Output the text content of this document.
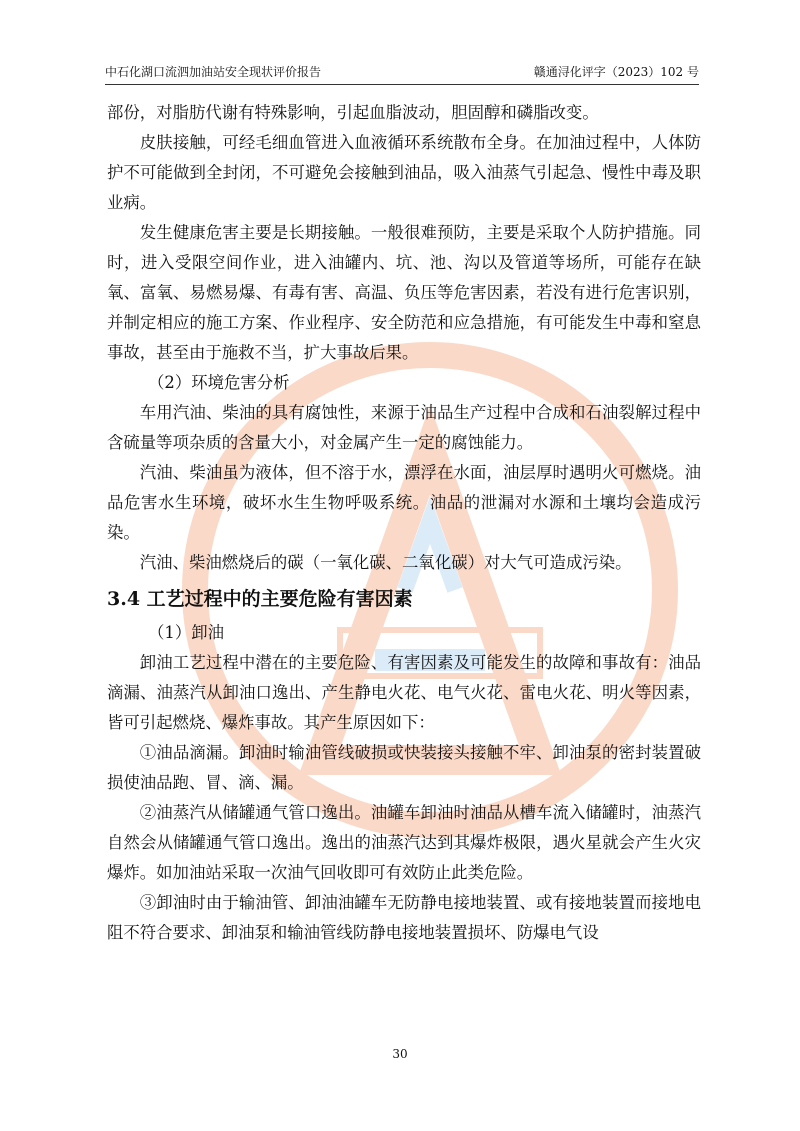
中石化湖口流泗加油站安全现状评价报告	赣通浔化评字（2023）102 号

部份，对脂肪代谢有特殊影响，引起血脂波动，胆固醇和磷脂改变。

皮肤接触，可经毛细血管进入血液循环系统散布全身。在加油过程中，人体防护不可能做到全封闭，不可避免会接触到油品，吸入油蒸气引起急、慢性中毒及职业病。

发生健康危害主要是长期接触。一般很难预防，主要是采取个人防护措施。同时，进入受限空间作业，进入油罐内、坑、池、沟以及管道等场所，可能存在缺氧、富氧、易燃易爆、有毒有害、高温、负压等危害因素，若没有进行危害识别，并制定相应的施工方案、作业程序、安全防范和应急措施，有可能发生中毒和窒息事故，甚至由于施救不当，扩大事故后果。

（2）环境危害分析

车用汽油、柴油的具有腐蚀性，来源于油品生产过程中合成和石油裂解过程中含硫量等项杂质的含量大小，对金属产生一定的腐蚀能力。

汽油、柴油虽为液体，但不溶于水，漂浮在水面，油层厚时遇明火可燃烧。油品危害水生环境，破坏水生生物呼吸系统。油品的泄漏对水源和土壤均会造成污染。

汽油、柴油燃烧后的碳（一氧化碳、二氧化碳）对大气可造成污染。

3.4 工艺过程中的主要危险有害因素

（1）卸油

卸油工艺过程中潜在的主要危险、有害因素及可能发生的故障和事故有：油品滴漏、油蒸汽从卸油口逸出、产生静电火花、电气火花、雷电火花、明火等因素，皆可引起燃烧、爆炸事故。其产生原因如下：

①油品滴漏。卸油时输油管线破损或快装接头接触不牢、卸油泵的密封装置破损使油品跑、冒、滴、漏。

②油蒸汽从储罐通气管口逸出。油罐车卸油时油品从槽车流入储罐时，油蒸汽自然会从储罐通气管口逸出。逸出的油蒸汽达到其爆炸极限，遇火星就会产生火灾爆炸。如加油站采取一次油气回收即可有效防止此类危险。

③卸油时由于输油管、卸油油罐车无防静电接地装置、或有接地装置而接地电阻不符合要求、卸油泵和输油管线防静电接地装置损坏、防爆电气设

30
